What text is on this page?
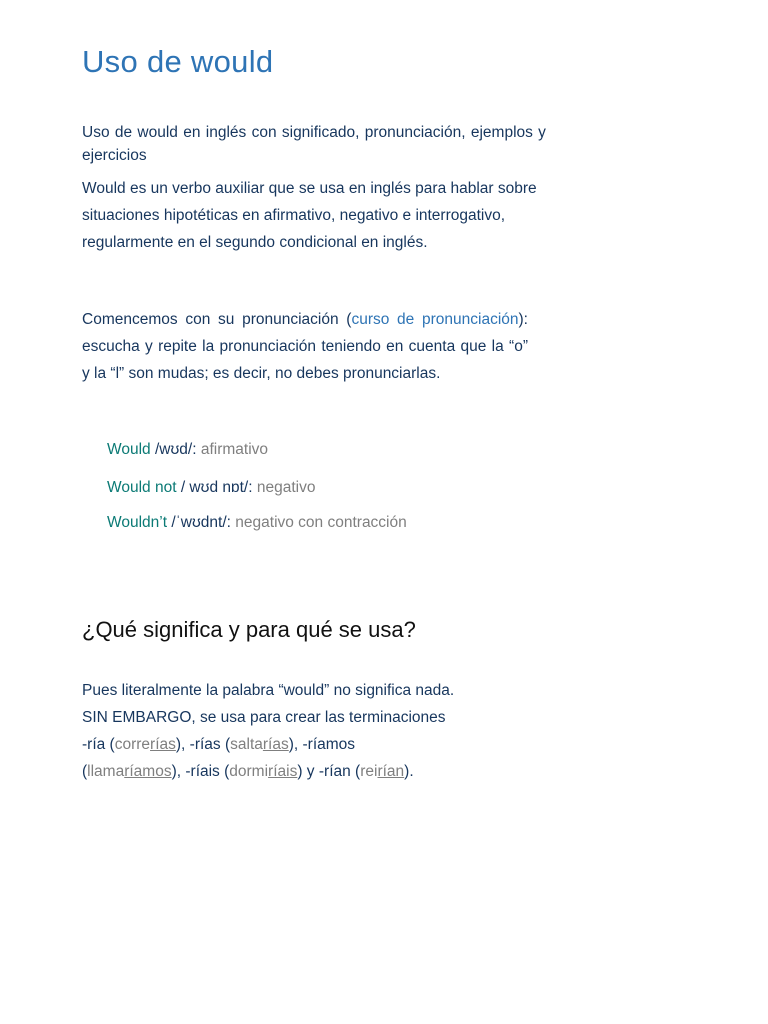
Uso de would

Uso de would en inglés con significado, pronunciación, ejemplos y ejercicios

Would es un verbo auxiliar que se usa en inglés para hablar sobre situaciones hipotéticas en afirmativo, negativo e interrogativo, regularmente en el segundo condicional en inglés.

Comencemos con su pronunciación (curso de pronunciación): escucha y repite la pronunciación teniendo en cuenta que la “o” y la “l” son mudas; es decir, no debes pronunciarlas.

Would /wʊd/: afirmativo
Would not / wʊd nɒt/: negativo
Wouldn’t /ˈwʊdnt/: negativo con contracción
¿Qué significa y para qué se usa?

Pues literalmente la palabra “would” no significa nada.
SIN EMBARGO, se usa para crear las terminaciones
-ría (correrías), -rías (saltarías), -ríamos
(llamaríamos), -ríais (dormiríais) y -rían (reirían).
